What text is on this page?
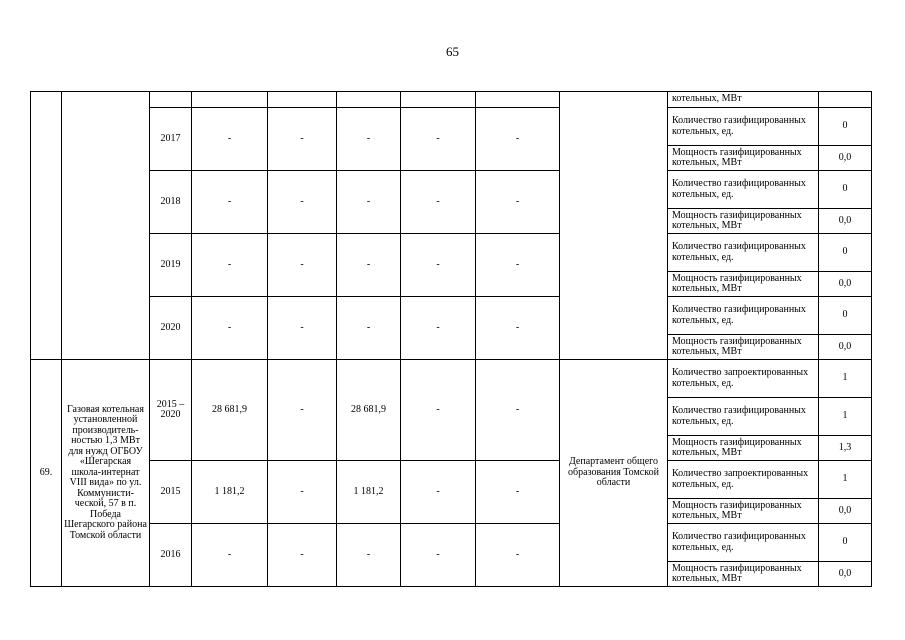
65
									котельных, МВт	
		2017	-	-	-	-	-		Количество газифицированных котельных, ед.	0
									Мощность газифицированных котельных, МВт	0,0
		2018	-	-	-	-	-		Количество газифицированных котельных, ед.	0
									Мощность газифицированных котельных, МВт	0,0
		2019	-	-	-	-	-		Количество газифицированных котельных, ед.	0
									Мощность газифицированных котельных, МВт	0,0
		2020	-	-	-	-	-		Количество газифицированных котельных, ед.	0
									Мощность газифицированных котельных, МВт	0,0
69.	Газовая котельная установленной производитель-ностью 1,3 МВт для нужд ОГБОУ «Шегарская школа-интернат VIII вида» по ул. Коммунисти-ческой, 57 в п. Победа Шегарского района Томской области	2015 – 2020	28 681,9	-	28 681,9	-	-	Департамент общего образования Томской области	Количество запроектированных котельных, ед.	1
									Количество газифицированных котельных, ед.	1
									Мощность газифицированных котельных, МВт	1,3
		2015	1 181,2	-	1 181,2	-	-		Количество запроектированных котельных, ед.	1
									Мощность газифицированных котельных, МВт	0,0
		2016	-	-	-	-	-		Количество газифицированных котельных, ед.	0
									Мощность газифицированных котельных, МВт	0,0
